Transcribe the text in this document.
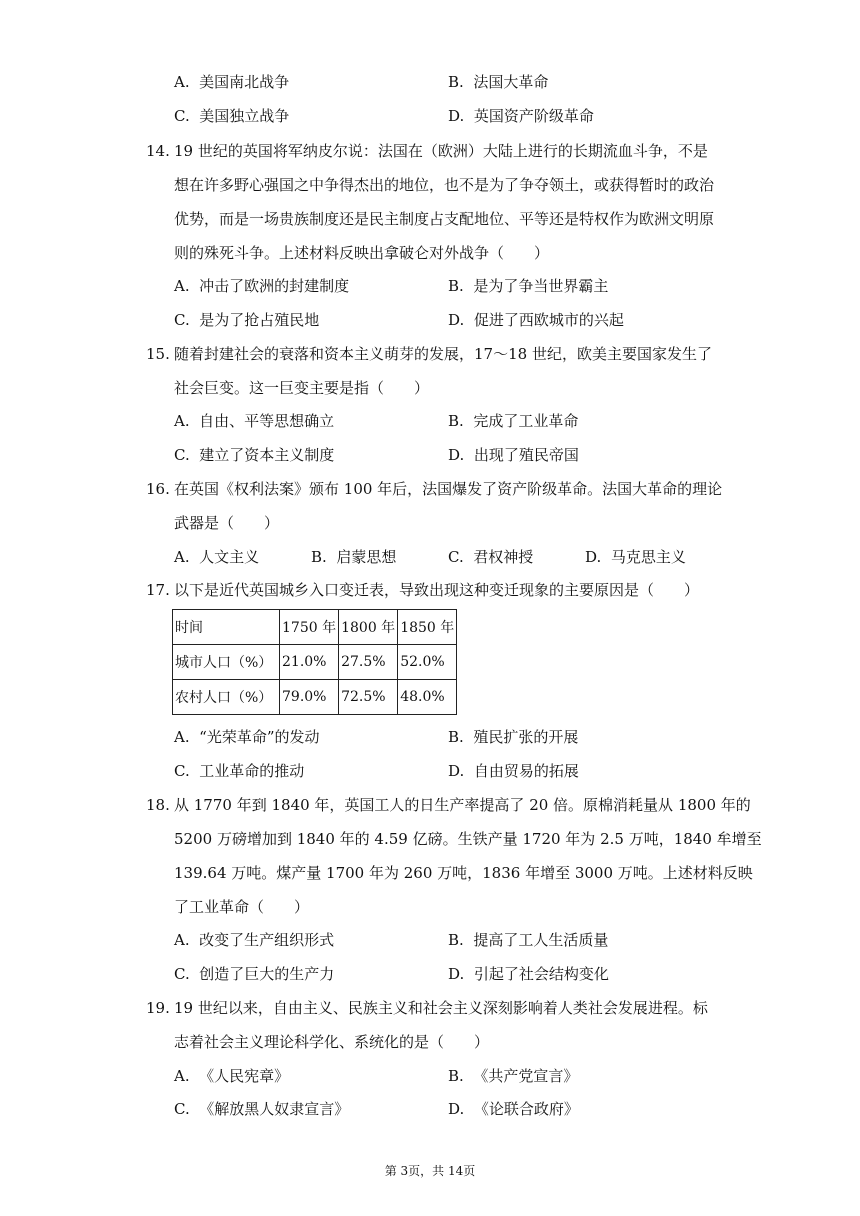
A. 美国南北战争	B. 法国大革命
C. 美国独立战争	D. 英国资产阶级革命
14. 19 世纪的英国将军纳皮尔说：法国在（欧洲）大陆上进行的长期流血斗争，不是
想在许多野心强国之中争得杰出的地位，也不是为了争夺领土，或获得暂时的政治
优势，而是一场贵族制度还是民主制度占支配地位、平等还是特权作为欧洲文明原
则的殊死斗争。上述材料反映出拿破仑对外战争（　　）
A. 冲击了欧洲的封建制度	B. 是为了争当世界霸主
C. 是为了抢占殖民地	D. 促进了西欧城市的兴起
15. 随着封建社会的衰落和资本主义萌芽的发展，17～18 世纪，欧美主要国家发生了
社会巨变。这一巨变主要是指（　　）
A. 自由、平等思想确立	B. 完成了工业革命
C. 建立了资本主义制度	D. 出现了殖民帝国
16. 在英国《权利法案》颁布 100 年后，法国爆发了资产阶级革命。法国大革命的理论
武器是（　　）
A. 人文主义	B. 启蒙思想	C. 君权神授	D. 马克思主义
17. 以下是近代英国城乡入口变迁表，导致出现这种变迁现象的主要原因是（　　）
时间	1750 年	1800 年	1850 年
城市人口（%）	21.0%	27.5%	52.0%
农村人口（%）	79.0%	72.5%	48.0%
A. “光荣革命”的发动	B. 殖民扩张的开展
C. 工业革命的推动	D. 自由贸易的拓展
18. 从 1770 年到 1840 年，英国工人的日生产率提高了 20 倍。原棉消耗量从 1800 年的
5200 万磅增加到 1840 年的 4.59 亿磅。生铁产量 1720 年为 2.5 万吨，1840 牟增至
139.64 万吨。煤产量 1700 年为 260 万吨，1836 年增至 3000 万吨。上述材料反映
了工业革命（　　）
A. 改变了生产组织形式	B. 提高了工人生活质量
C. 创造了巨大的生产力	D. 引起了社会结构变化
19. 19 世纪以来，自由主义、民族主义和社会主义深刻影响着人类社会发展进程。标
志着社会主义理论科学化、系统化的是（　　）
A. 《人民宪章》	B. 《共产党宣言》
C. 《解放黑人奴隶宣言》	D. 《论联合政府》
第 3页，共 14页
